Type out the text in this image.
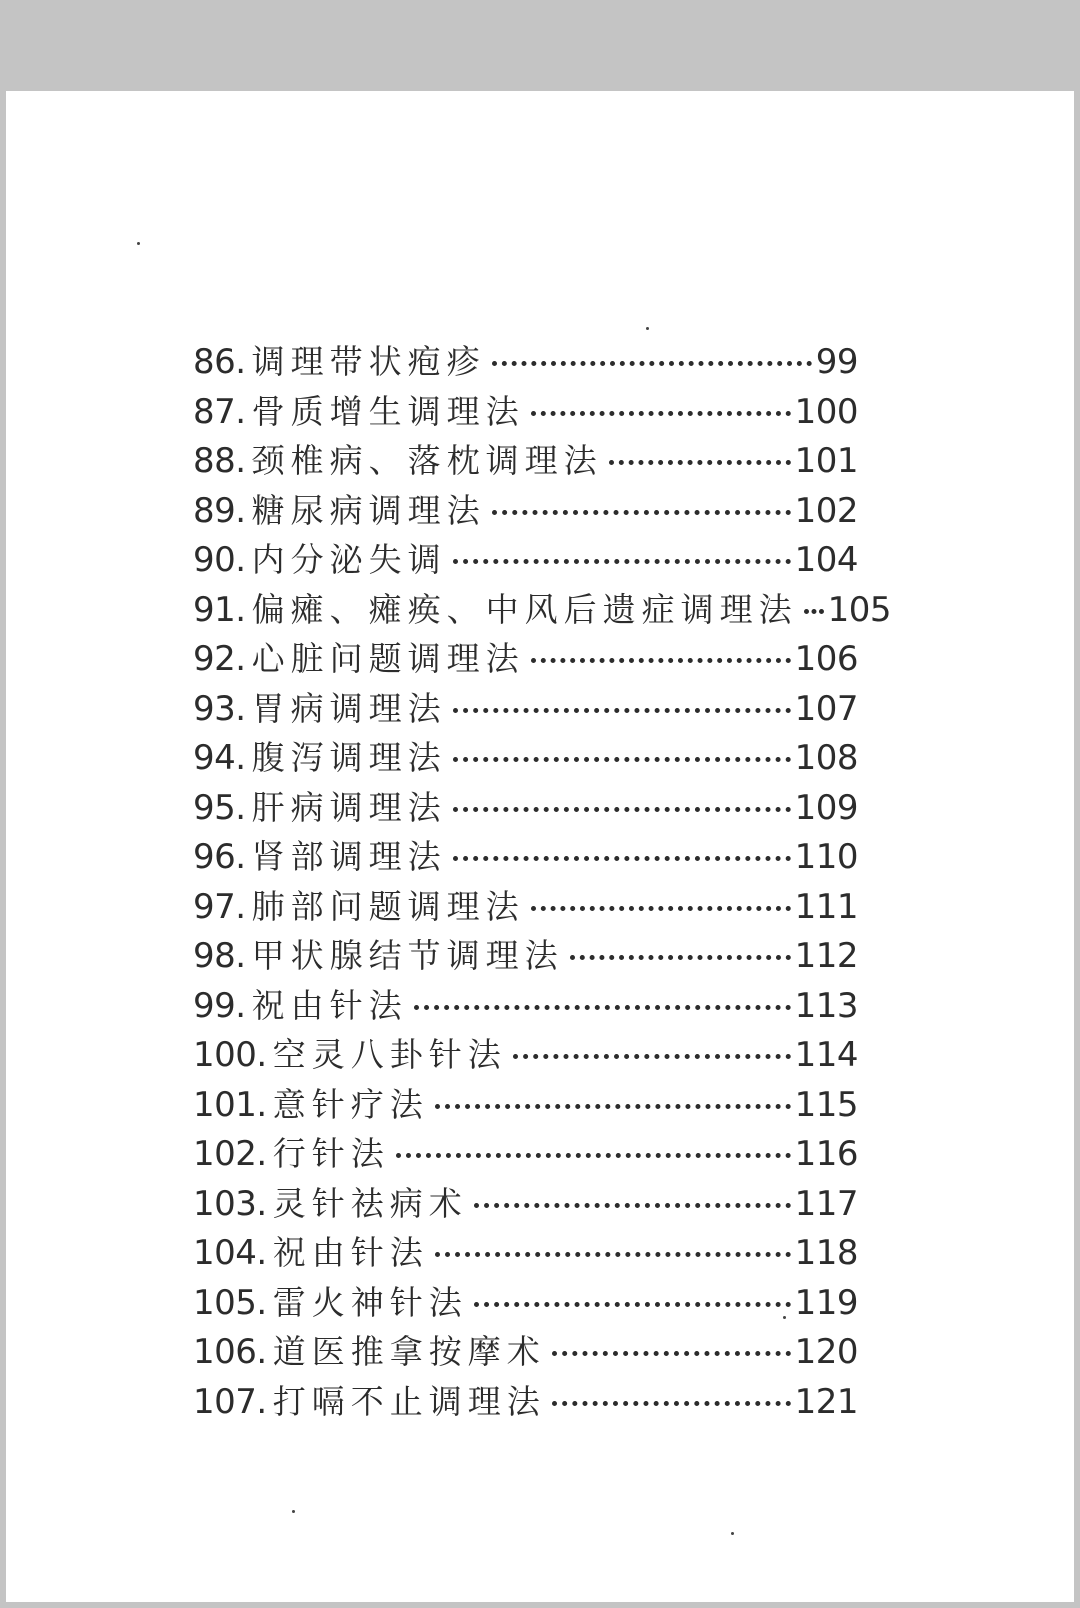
86. 调理带状疱疹	99
87. 骨质增生调理法	100
88. 颈椎病、落枕调理法	101
89. 糖尿病调理法	102
90. 内分泌失调	104
91. 偏瘫、瘫痪、中风后遗症调理法 105
92. 心脏问题调理法	106
93. 胃病调理法	107
94. 腹泻调理法	108
95. 肝病调理法	109
96. 肾部调理法	110
97. 肺部问题调理法	111
98. 甲状腺结节调理法	112
99. 祝由针法	113
100. 空灵八卦针法	114
101. 意针疗法	115
102. 行针法	116
103. 灵针祛病术	117
104. 祝由针法	118
105. 雷火神针法	119
106. 道医推拿按摩术	120
107. 打嗝不止调理法	121
